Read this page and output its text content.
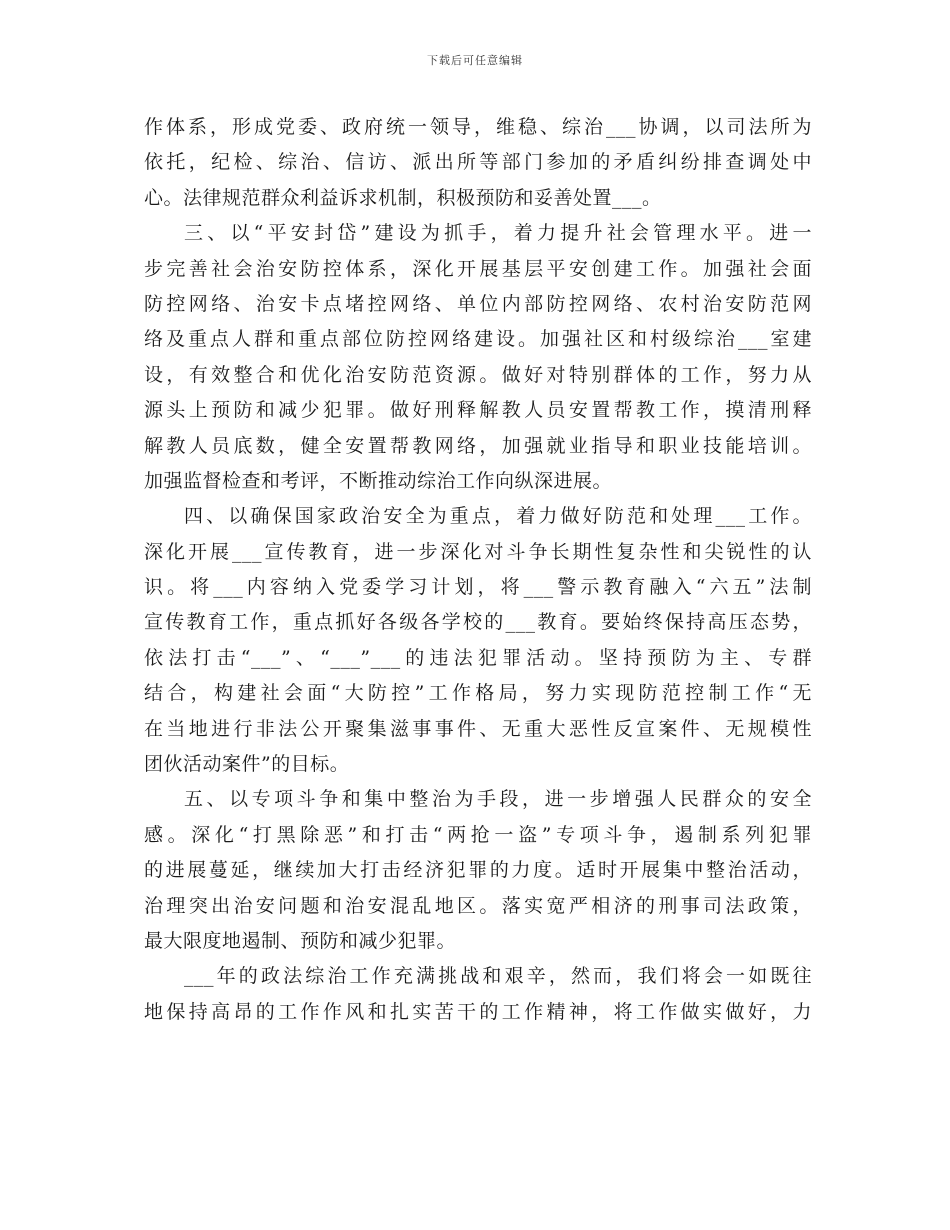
下载后可任意编辑
作体系，形成党委、政府统一领导，维稳、综治___协调，以司法所为
依托，纪检、综治、信访、派出所等部门参加的矛盾纠纷排查调处中
心。法律规范群众利益诉求机制，积极预防和妥善处置___。
三、以“平安封岱”建设为抓手，着力提升社会管理水平。进一
步完善社会治安防控体系，深化开展基层平安创建工作。加强社会面
防控网络、治安卡点堵控网络、单位内部防控网络、农村治安防范网
络及重点人群和重点部位防控网络建设。加强社区和村级综治___室建
设，有效整合和优化治安防范资源。做好对特别群体的工作，努力从
源头上预防和减少犯罪。做好刑释解教人员安置帮教工作，摸清刑释
解教人员底数，健全安置帮教网络，加强就业指导和职业技能培训。
加强监督检查和考评，不断推动综治工作向纵深进展。
四、以确保国家政治安全为重点，着力做好防范和处理___工作。
深化开展___宣传教育，进一步深化对斗争长期性复杂性和尖锐性的认
识。将___内容纳入党委学习计划，将___警示教育融入“六五”法制
宣传教育工作，重点抓好各级各学校的___教育。要始终保持高压态势，
依法打击“___”、“___”___的违法犯罪活动。坚持预防为主、专群
结合，构建社会面“大防控”工作格局，努力实现防范控制工作“无
在当地进行非法公开聚集滋事事件、无重大恶性反宣案件、无规模性
团伙活动案件”的目标。
五、以专项斗争和集中整治为手段，进一步增强人民群众的安全
感。深化“打黑除恶”和打击“两抢一盗”专项斗争，遏制系列犯罪
的进展蔓延，继续加大打击经济犯罪的力度。适时开展集中整治活动，
治理突出治安问题和治安混乱地区。落实宽严相济的刑事司法政策，
最大限度地遏制、预防和减少犯罪。
___年的政法综治工作充满挑战和艰辛，然而，我们将会一如既往
地保持高昂的工作作风和扎实苦干的工作精神，将工作做实做好，力
